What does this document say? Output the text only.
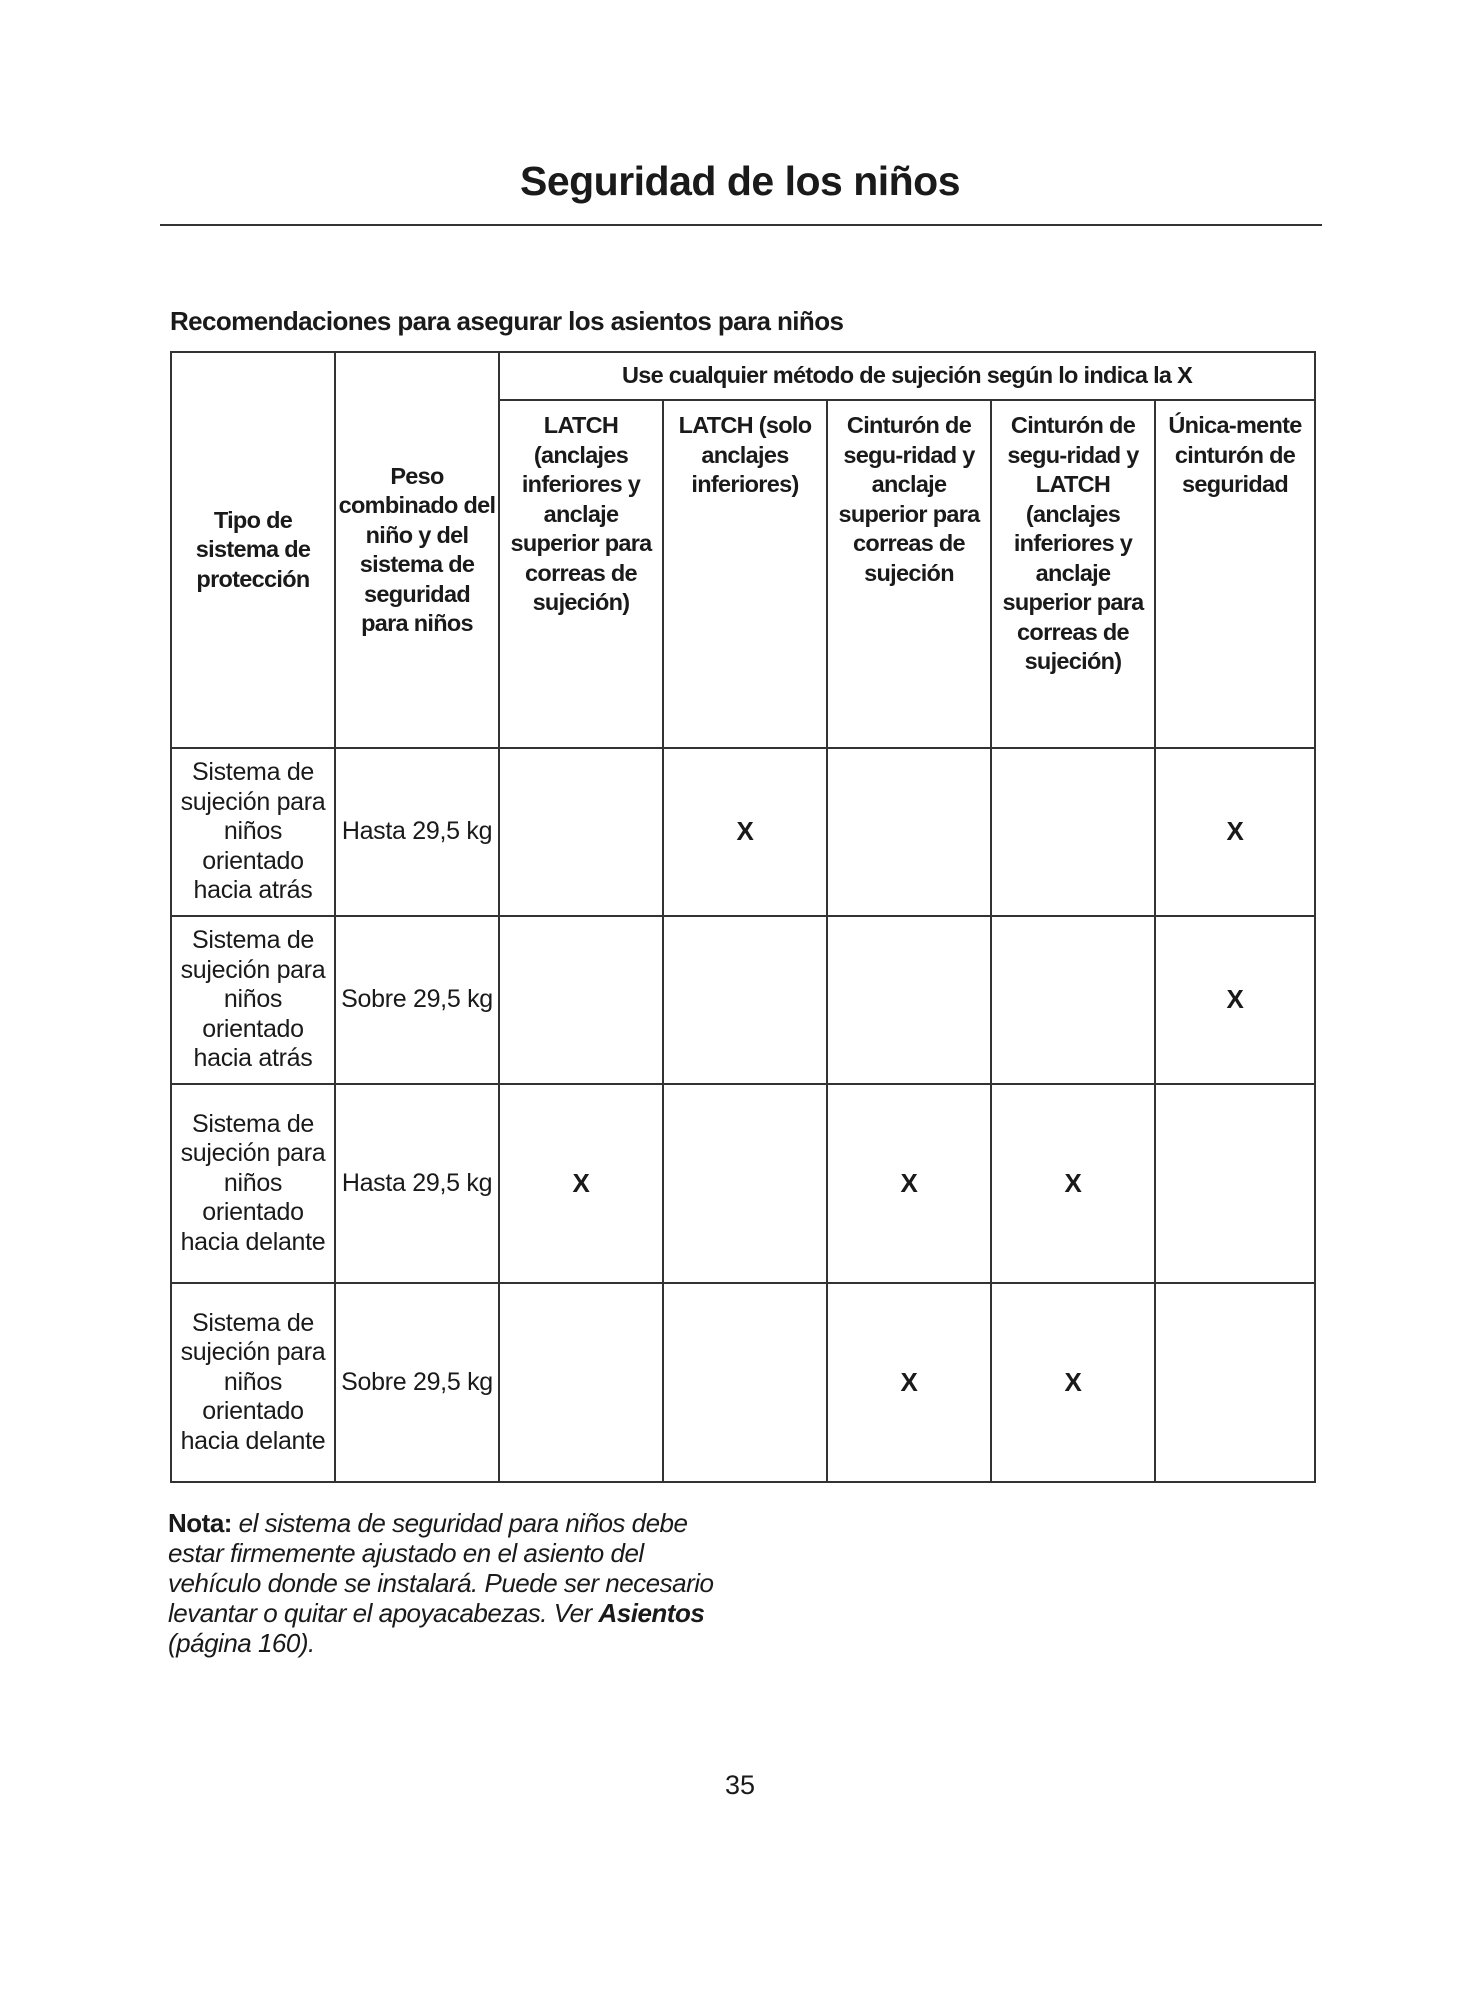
Seguridad de los niños
Recomendaciones para asegurar los asientos para niños
Tipo de sistema de protección	Peso combinado del niño y del sistema de seguridad para niños	Use cualquier método de sujeción según lo indica la X				
		LATCH (anclajes inferiores y anclaje superior para correas de sujeción)	LATCH (solo anclajes inferiores)	Cinturón de segu-ridad y anclaje superior para correas de sujeción	Cinturón de segu-ridad y LATCH (anclajes inferiores y anclaje superior para correas de sujeción)	Única-mente cinturón de seguridad
Sistema de sujeción para niños orientado hacia atrás	Hasta 29,5 kg		X			X
Sistema de sujeción para niños orientado hacia atrás	Sobre 29,5 kg					X
Sistema de sujeción para niños orientado hacia delante	Hasta 29,5 kg	X		X	X	
Sistema de sujeción para niños orientado hacia delante	Sobre 29,5 kg			X	X	
Nota: el sistema de seguridad para niños debe estar firmemente ajustado en el asiento del vehículo donde se instalará. Puede ser necesario levantar o quitar el apoyacabezas. Ver Asientos (página 160).
35
